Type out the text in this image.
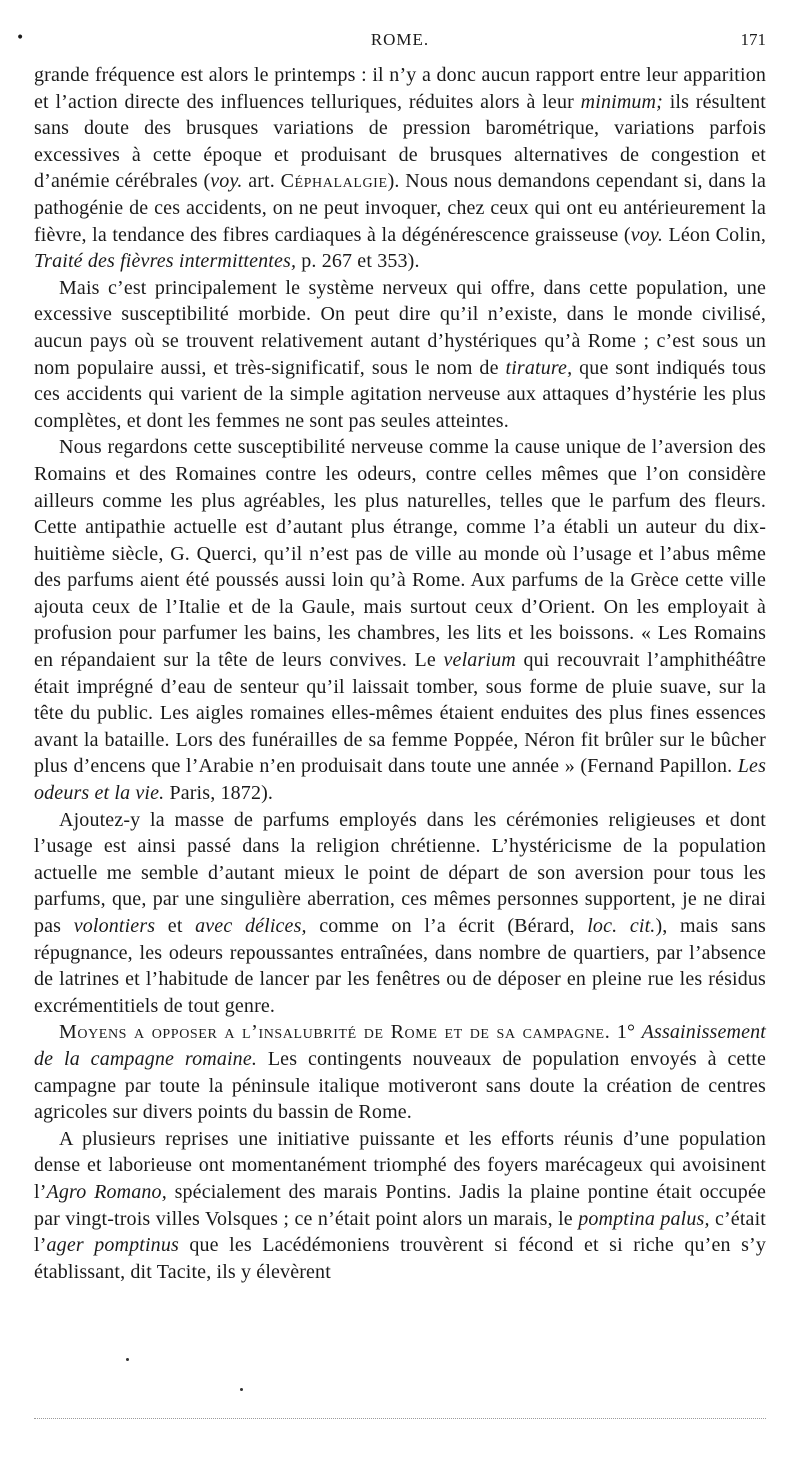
•	ROME.	171

grande fréquence est alors le printemps : il n’y a donc aucun rapport entre leur apparition et l’action directe des influences telluriques, réduites alors à leur minimum; ils résultent sans doute des brusques variations de pression barométrique, variations parfois excessives à cette époque et produisant de brusques alternatives de congestion et d’anémie cérébrales (voy. art. Céphalalgie). Nous nous demandons cependant si, dans la pathogénie de ces accidents, on ne peut invoquer, chez ceux qui ont eu antérieurement la fièvre, la tendance des fibres cardiaques à la dégénérescence graisseuse (voy. Léon Colin, Traité des fièvres intermittentes, p. 267 et 353).

Mais c’est principalement le système nerveux qui offre, dans cette population, une excessive susceptibilité morbide. On peut dire qu’il n’existe, dans le monde civilisé, aucun pays où se trouvent relativement autant d’hystériques qu’à Rome ; c’est sous un nom populaire aussi, et très-significatif, sous le nom de tirature, que sont indiqués tous ces accidents qui varient de la simple agitation nerveuse aux attaques d’hystérie les plus complètes, et dont les femmes ne sont pas seules atteintes.

Nous regardons cette susceptibilité nerveuse comme la cause unique de l’aversion des Romains et des Romaines contre les odeurs, contre celles mêmes que l’on considère ailleurs comme les plus agréables, les plus naturelles, telles que le parfum des fleurs. Cette antipathie actuelle est d’autant plus étrange, comme l’a établi un auteur du dix-huitième siècle, G. Querci, qu’il n’est pas de ville au monde où l’usage et l’abus même des parfums aient été poussés aussi loin qu’à Rome. Aux parfums de la Grèce cette ville ajouta ceux de l’Italie et de la Gaule, mais surtout ceux d’Orient. On les employait à profusion pour parfumer les bains, les chambres, les lits et les boissons. « Les Romains en répandaient sur la tête de leurs convives. Le velarium qui recouvrait l’amphithéâtre était imprégné d’eau de senteur qu’il laissait tomber, sous forme de pluie suave, sur la tête du public. Les aigles romaines elles-mêmes étaient enduites des plus fines essences avant la bataille. Lors des funérailles de sa femme Poppée, Néron fit brûler sur le bûcher plus d’encens que l’Arabie n’en produisait dans toute une année » (Fernand Papillon. Les odeurs et la vie. Paris, 1872).

Ajoutez-y la masse de parfums employés dans les cérémonies religieuses et dont l’usage est ainsi passé dans la religion chrétienne. L’hystéricisme de la population actuelle me semble d’autant mieux le point de départ de son aversion pour tous les parfums, que, par une singulière aberration, ces mêmes personnes supportent, je ne dirai pas volontiers et avec délices, comme on l’a écrit (Bérard, loc. cit.), mais sans répugnance, les odeurs repoussantes entraînées, dans nombre de quartiers, par l’absence de latrines et l’habitude de lancer par les fenêtres ou de déposer en pleine rue les résidus excrémentitiels de tout genre.

Moyens a opposer a l’insalubrité de Rome et de sa campagne. 1° Assainissement de la campagne romaine. Les contingents nouveaux de population envoyés à cette campagne par toute la péninsule italique motiveront sans doute la création de centres agricoles sur divers points du bassin de Rome.

A plusieurs reprises une initiative puissante et les efforts réunis d’une population dense et laborieuse ont momentanément triomphé des foyers marécageux qui avoisinent l’Agro Romano, spécialement des marais Pontins. Jadis la plaine pontine était occupée par vingt-trois villes Volsques ; ce n’était point alors un marais, le pomptina palus, c’était l’ager pomptinus que les Lacédémoniens trouvèrent si fécond et si riche qu’en s’y établissant, dit Tacite, ils y élevèrent
